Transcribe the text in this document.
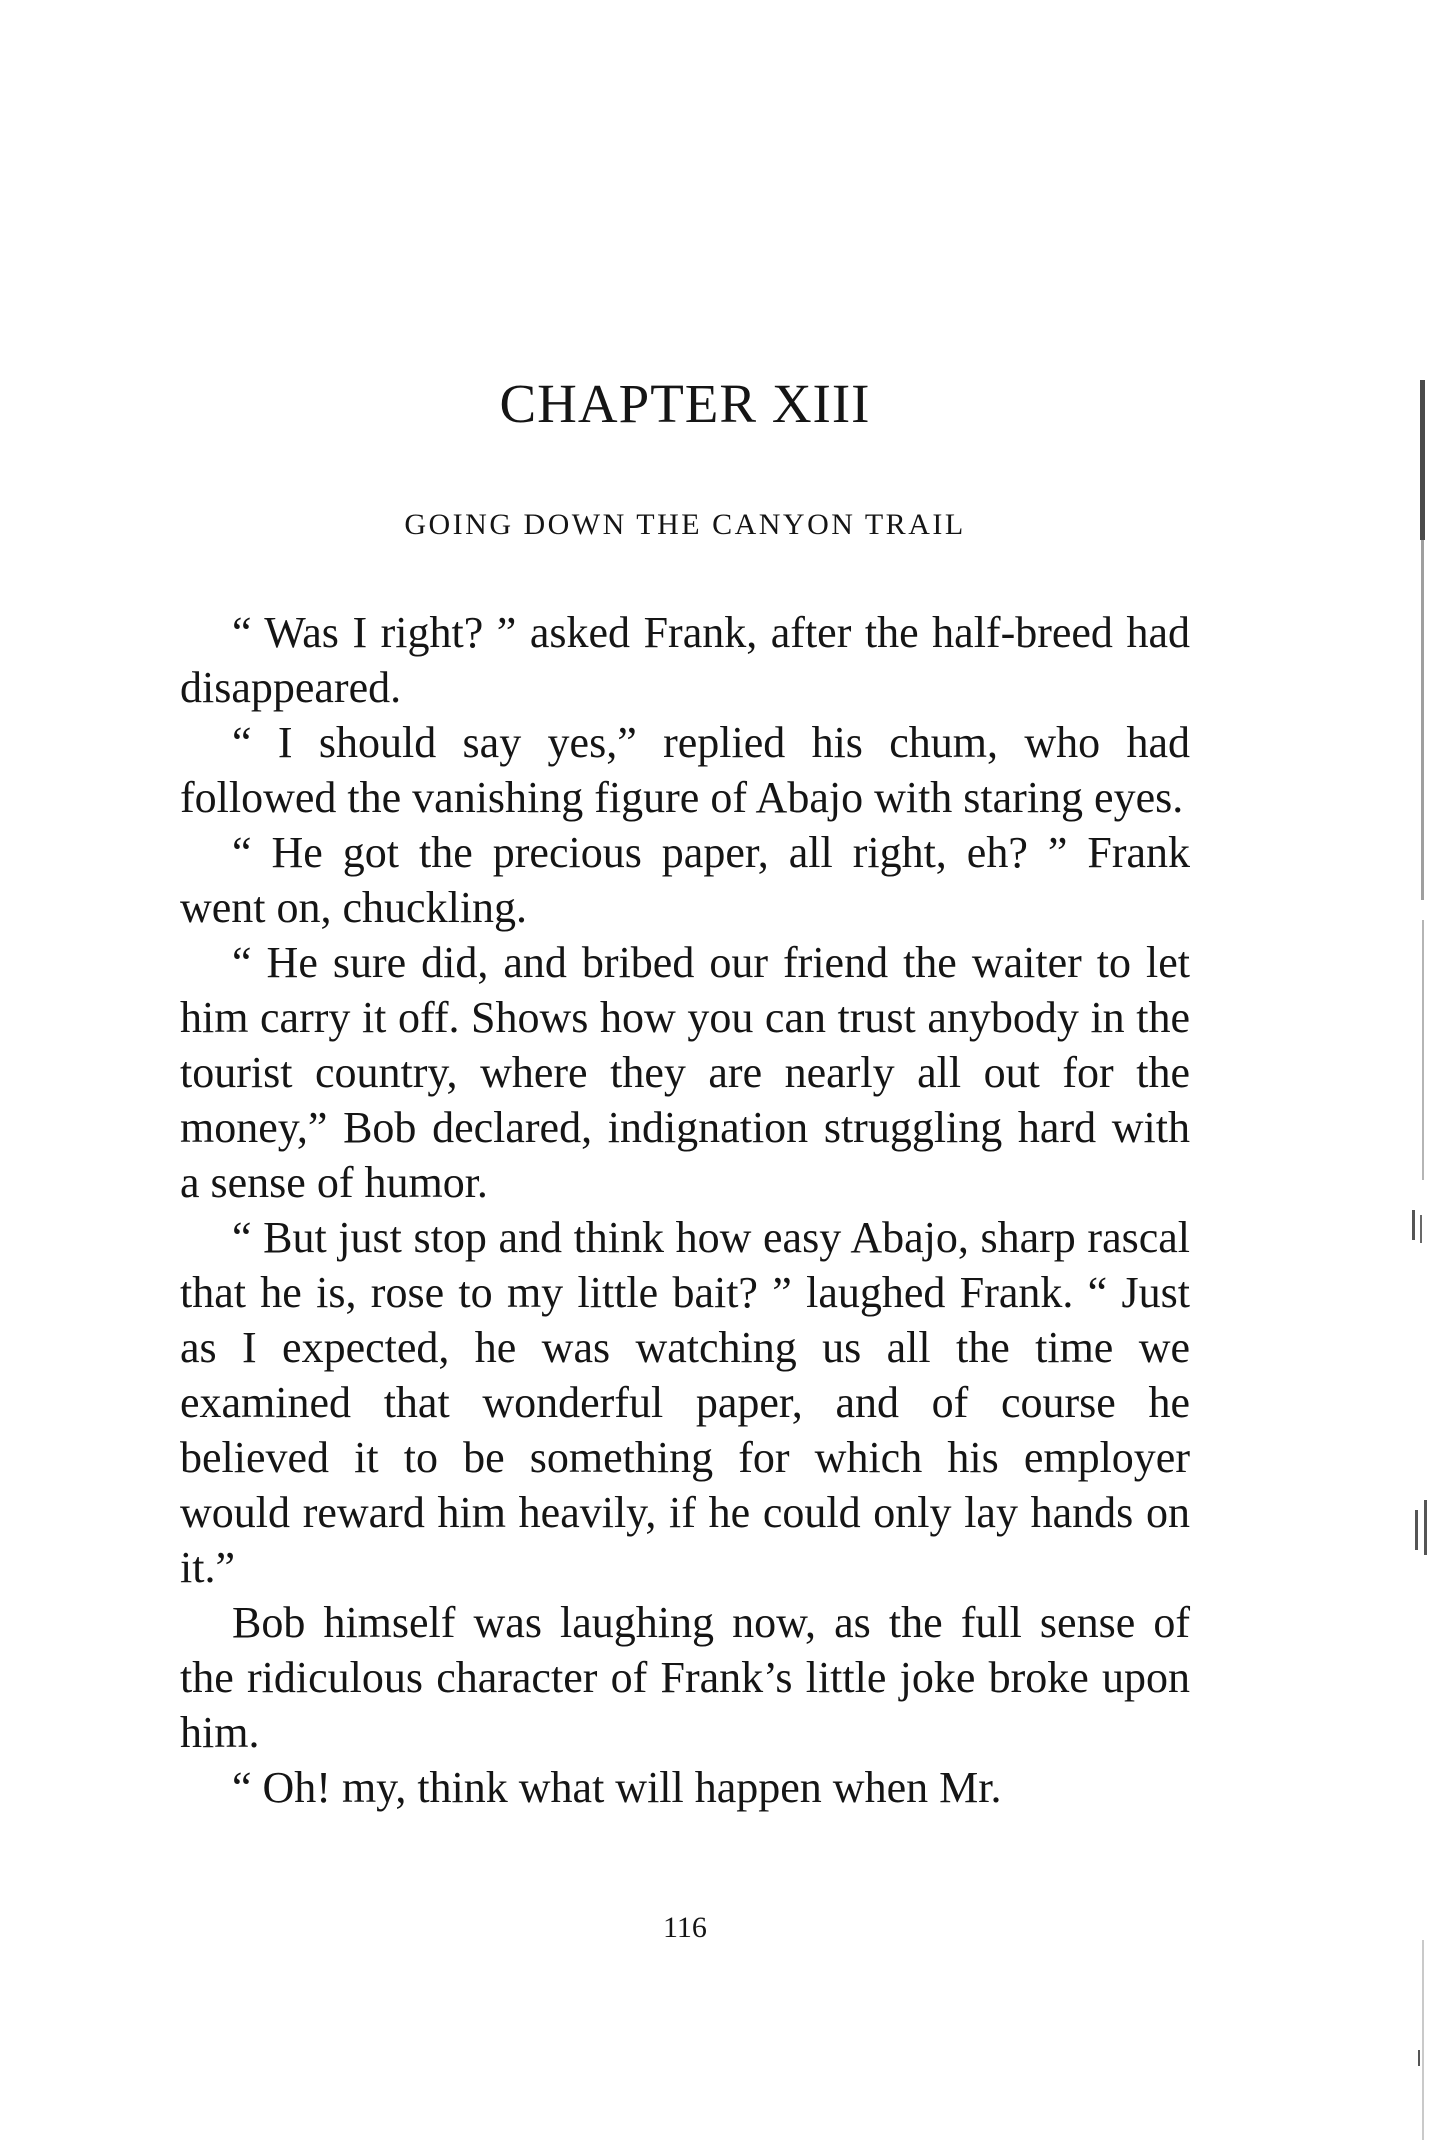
CHAPTER XIII
GOING DOWN THE CANYON TRAIL

“ Was I right? ” asked Frank, after the half-breed had disappeared.

“ I should say yes,” replied his chum, who had followed the vanishing figure of Abajo with staring eyes.

“ He got the precious paper, all right, eh? ” Frank went on, chuckling.

“ He sure did, and bribed our friend the waiter to let him carry it off. Shows how you can trust anybody in the tourist country, where they are nearly all out for the money,” Bob declared, indignation struggling hard with a sense of humor.

“ But just stop and think how easy Abajo, sharp rascal that he is, rose to my little bait? ” laughed Frank. “ Just as I expected, he was watching us all the time we examined that wonderful paper, and of course he believed it to be something for which his employer would reward him heavily, if he could only lay hands on it.”

Bob himself was laughing now, as the full sense of the ridiculous character of Frank’s little joke broke upon him.

“ Oh! my, think what will happen when Mr.

116
